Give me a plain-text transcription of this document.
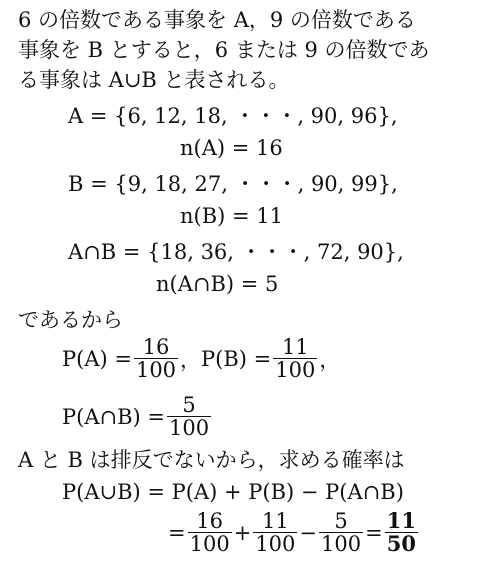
6 の倍数である事象を A，9 の倍数である
事象を B とすると，6 または 9 の倍数であ
る事象は A∪B と表される。
A = {6, 12, 18, ・・・, 90, 96},
n(A) = 16
B = {9, 18, 27, ・・・, 90, 99},
n(B) = 11
A∩B = {18, 36, ・・・, 72, 90},
n(A∩B) = 5
であるから
$P(A) = \frac{16}{100}$ ， $P(B) = \frac{11}{100}$ ，
P(A∩B) = $\frac{5}{100}$
A と B は排反でないから，求める確率は
P(A∪B) = P(A) + P(B) − P(A∩B)
= $\frac{16}{100} + \frac{11}{100} - \frac{5}{100} = \frac{11}{50}$
